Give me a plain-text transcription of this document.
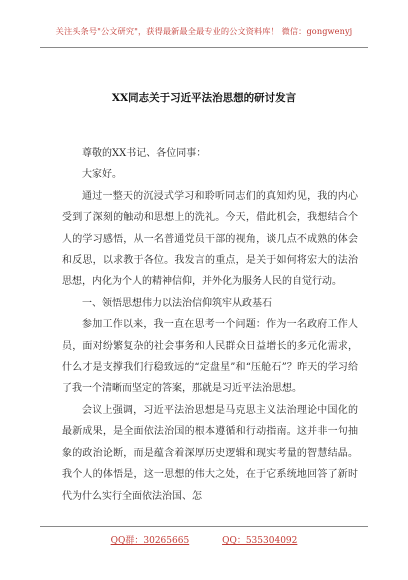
关注头条号"公文研究"，获得最新最全最专业的公文资料库！ 微信：gongwenyj
XX同志关于习近平法治思想的研讨发言

尊敬的XX书记、各位同事：

大家好。

通过一整天的沉浸式学习和聆听同志们的真知灼见，我的内心受到了深刻的触动和思想上的洗礼。今天，借此机会，我想结合个人的学习感悟，从一名普通党员干部的视角，谈几点不成熟的体会和反思，以求教于各位。我发言的重点，是关于如何将宏大的法治思想，内化为个人的精神信仰，并外化为服务人民的自觉行动。

一、领悟思想伟力以法治信仰筑牢从政基石

参加工作以来，我一直在思考一个问题：作为一名政府工作人员，面对纷繁复杂的社会事务和人民群众日益增长的多元化需求，什么才是支撑我们行稳致远的“定盘星”和“压舱石”？昨天的学习给了我一个清晰而坚定的答案，那就是习近平法治思想。

会议上强调，习近平法治思想是马克思主义法治理论中国化的最新成果，是全面依法治国的根本遵循和行动指南。这并非一句抽象的政治论断，而是蕴含着深厚历史逻辑和现实考量的智慧结晶。我个人的体悟是，这一思想的伟大之处，在于它系统地回答了新时代为什么实行全面依法治国、怎

QQ群：30265665	QQ：535304092
